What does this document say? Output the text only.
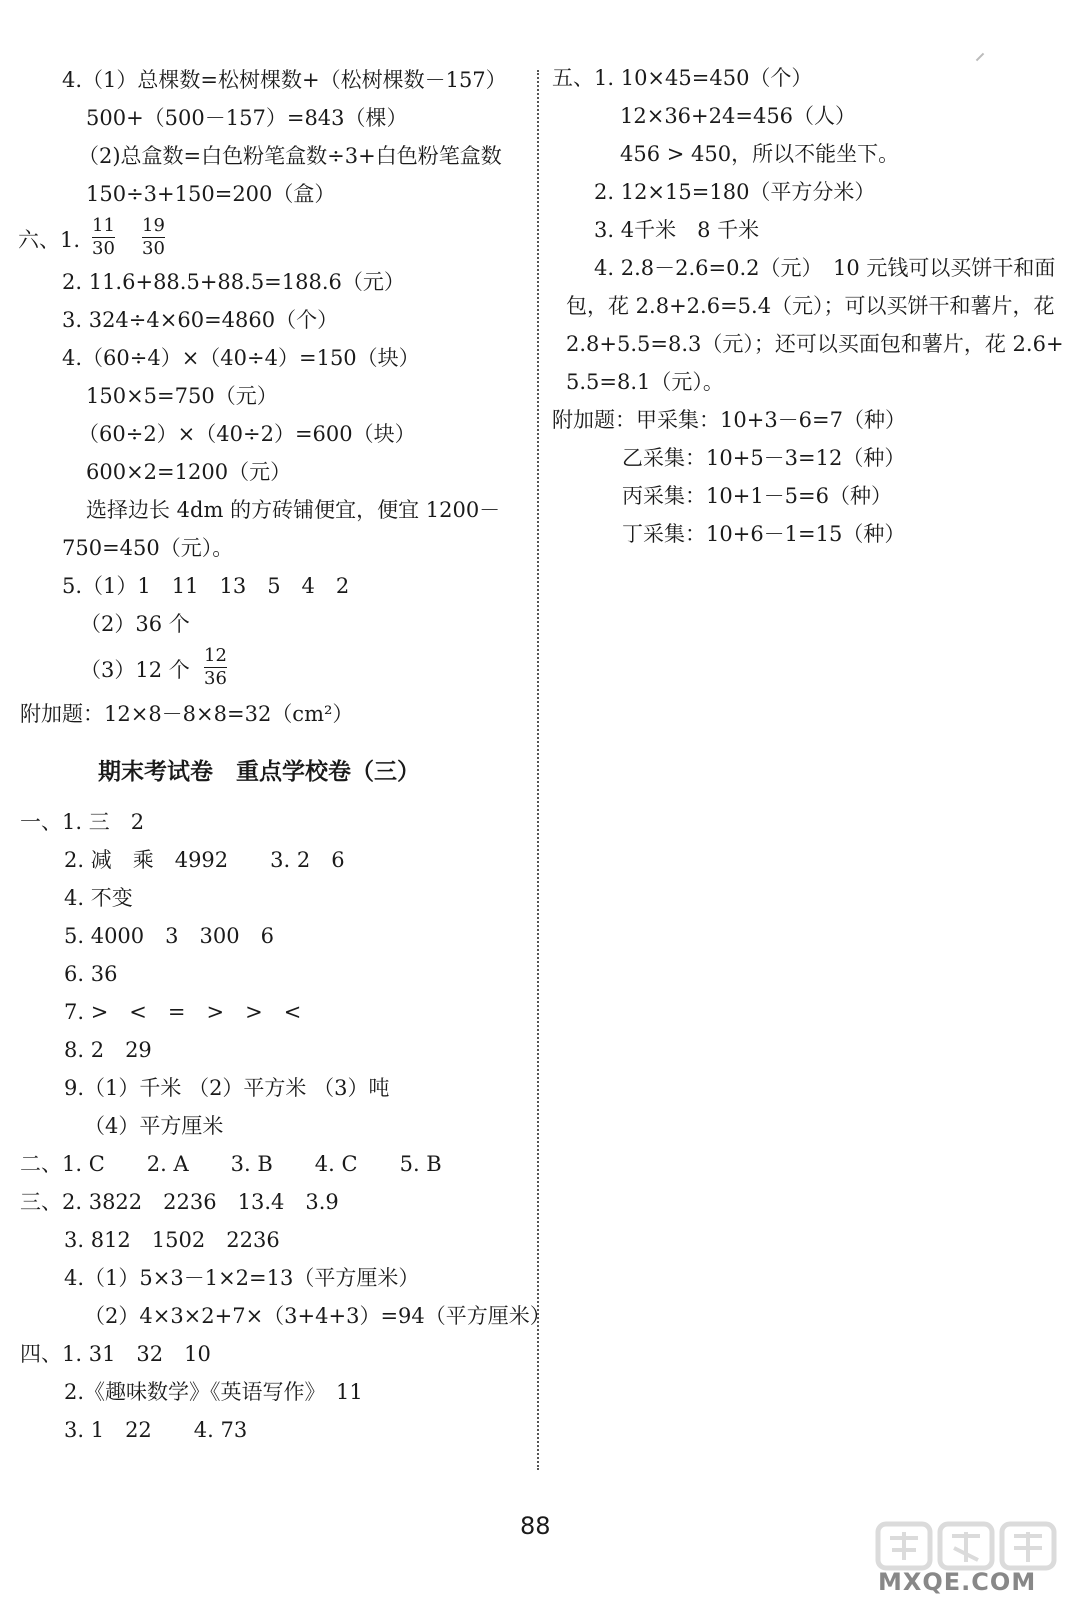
4.（1）总棵数=松树棵数+（松树棵数－157）
500+（500－157）=843（棵）
（2)总盒数=白色粉笔盒数÷3+白色粉笔盒数
150÷3+150=200（盒）
六、1.
11
30
19
30
2. 11.6+88.5+88.5=188.6（元）
3. 324÷4×60=4860（个）
4.（60÷4）×（40÷4）=150（块）
150×5=750（元）
（60÷2）×（40÷2）=600（块）
600×2=1200（元）
选择边长 4dm 的方砖铺便宜，便宜 1200－
750=450（元）。
5.（1）1　11　13　5　4　2
（2）36 个
（3）12 个
12
36
附加题：12×8－8×8=32（cm²）
期末考试卷　重点学校卷（三）
一、1. 三　2
2. 减　乘　4992　　3. 2　6
4. 不变
5. 4000　3　300　6
6. 36
7. >　<　=　>　>　<
8. 2　29
9.（1）千米 （2）平方米 （3）吨
（4）平方厘米
二、1. C　　2. A　　3. B　　4. C　　5. B
三、2. 3822　2236　13.4　3.9
3. 812　1502　2236
4.（1）5×3－1×2=13（平方厘米）
（2）4×3×2+7×（3+4+3）=94（平方厘米）
四、1. 31　32　10
2.《趣味数学》《英语写作》　11
3. 1　22　　4. 73
五、1. 10×45=450（个）
12×36+24=456（人）
456 > 450，所以不能坐下。
2. 12×15=180（平方分米）
3. 4千米　8 千米
4. 2.8－2.6=0.2（元）　10 元钱可以买饼干和面
包，花 2.8+2.6=5.4（元）；可以买饼干和薯片，花
2.8+5.5=8.3（元）；还可以买面包和薯片，花 2.6+
5.5=8.1（元）。
附加题：甲采集：10+3－6=7（种）
乙采集：10+5－3=12（种）
丙采集：10+1－5=6（种）
丁采集：10+6－1=15（种）
88
MXQE.COM
